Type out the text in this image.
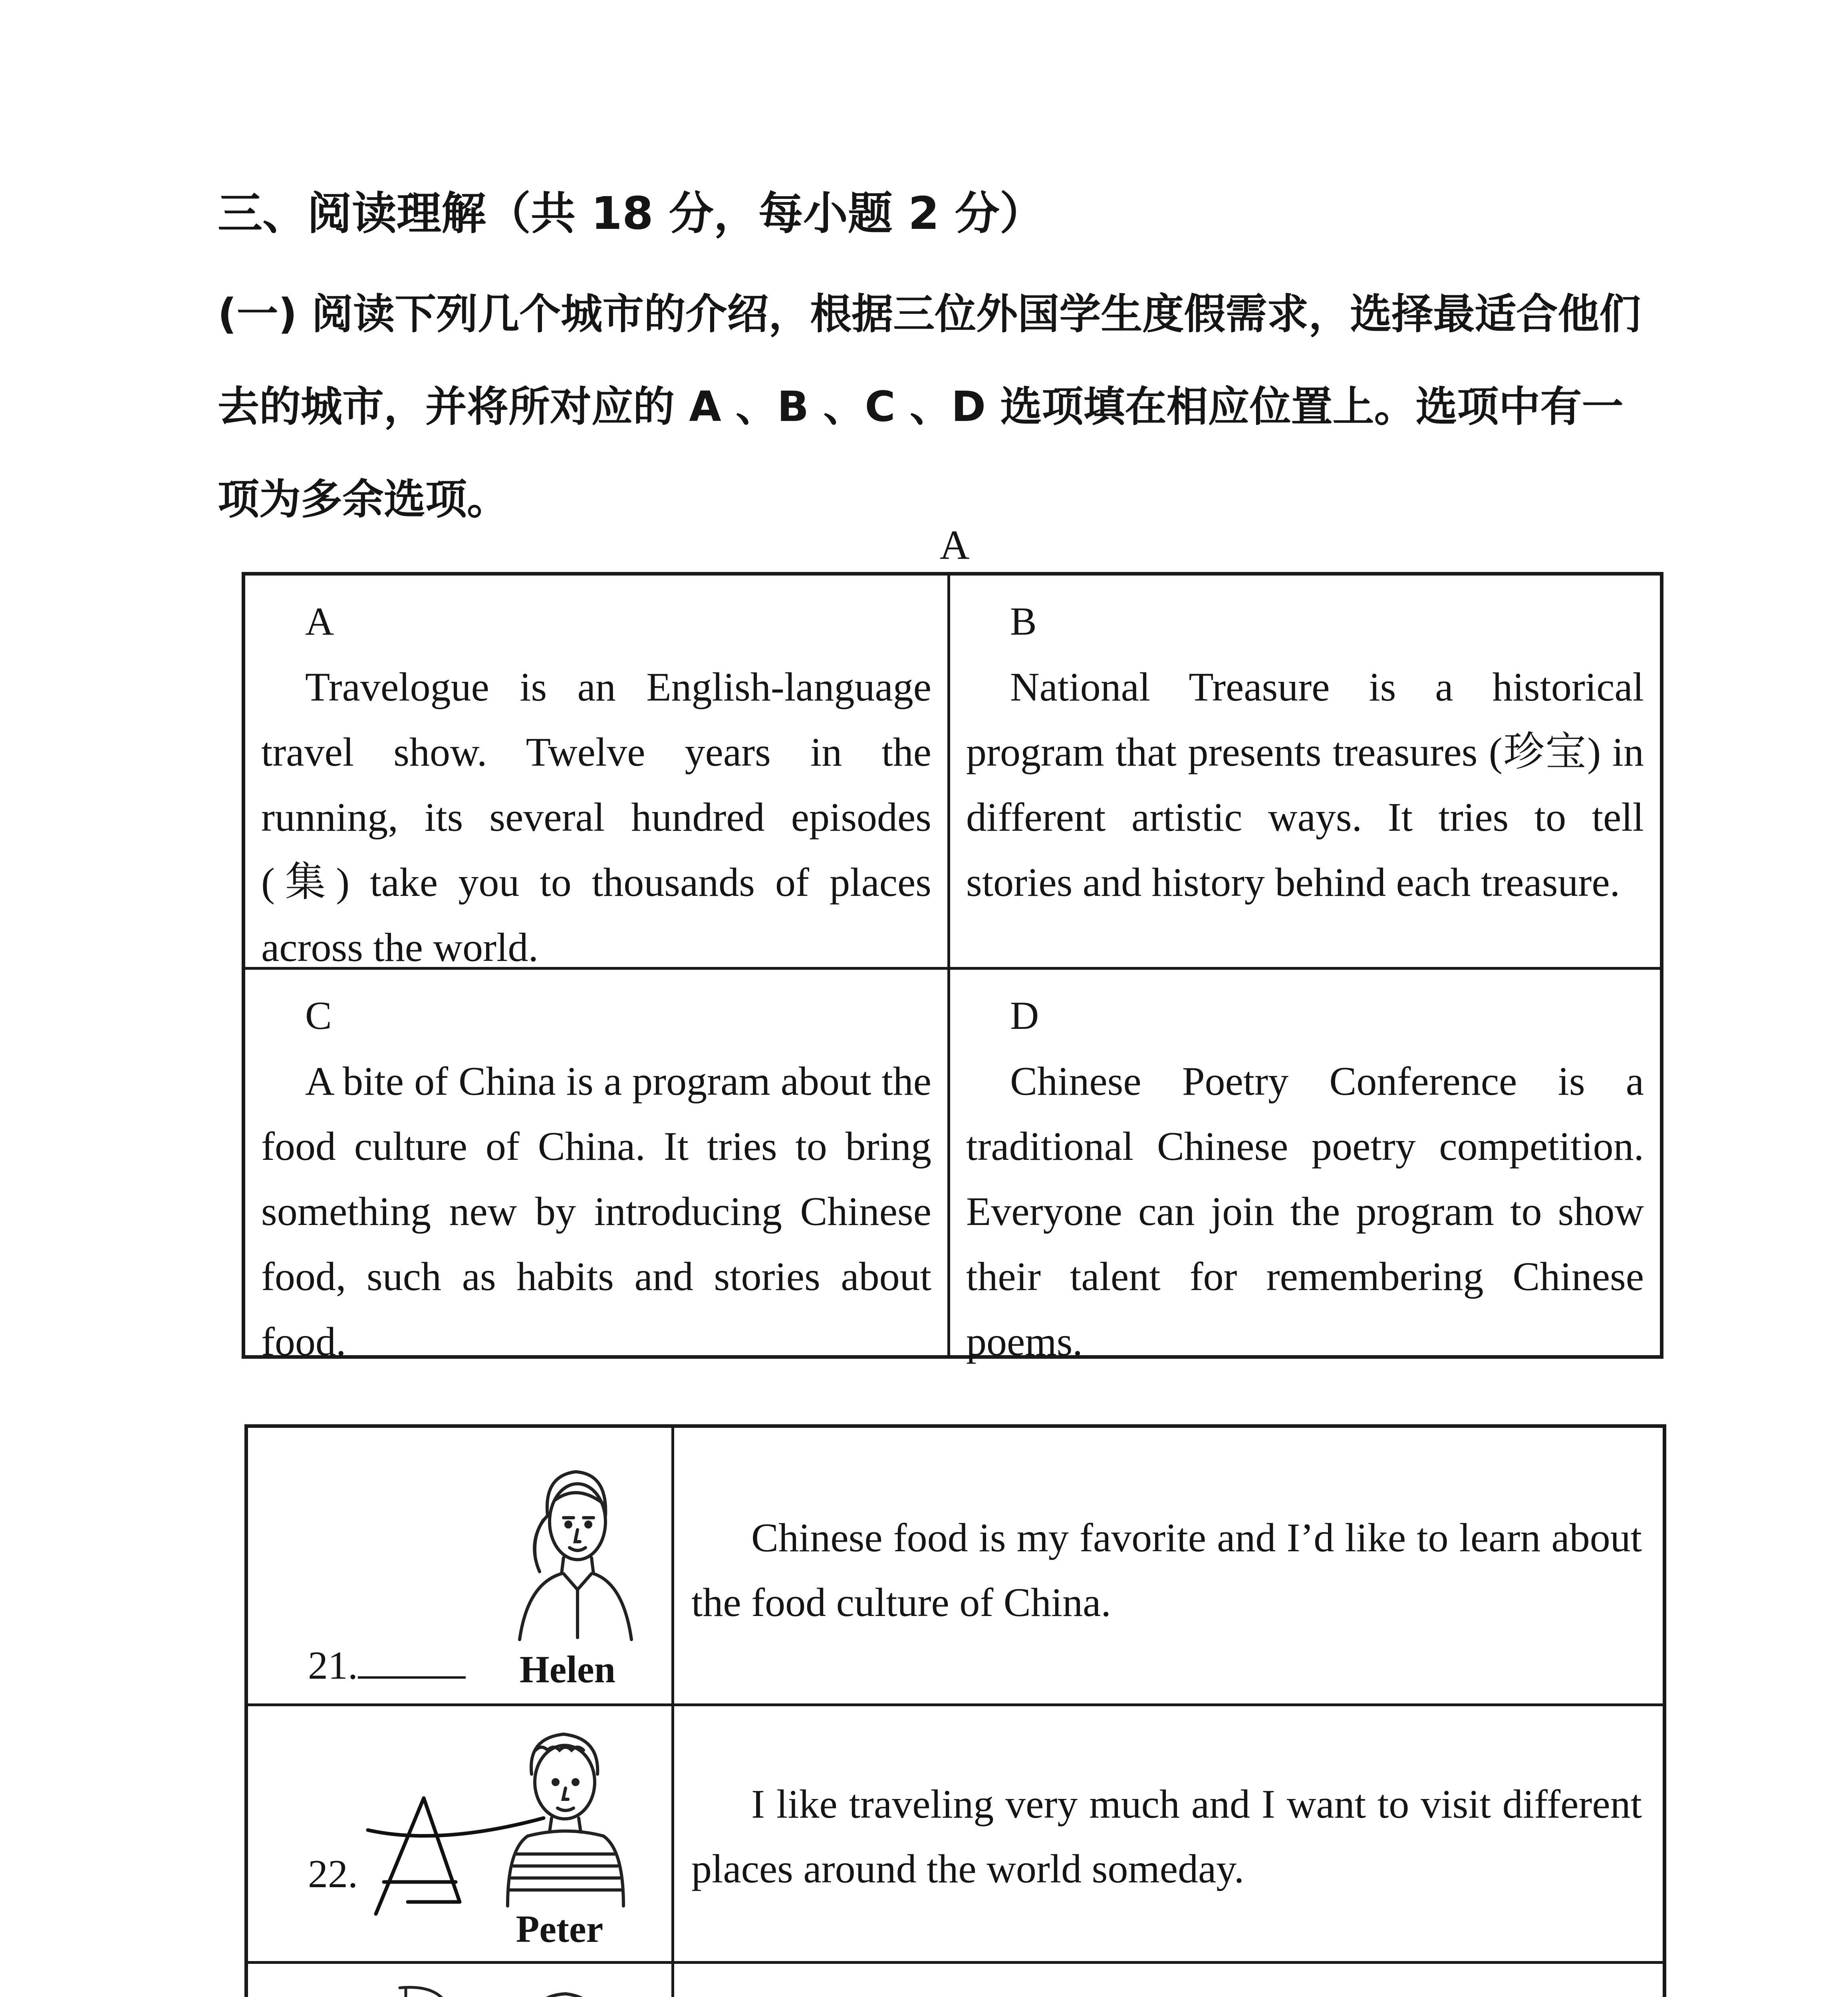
三、阅读理解（共 18 分，每小题 2 分）

(一) 阅读下列几个城市的介绍，根据三位外国学生度假需求，选择最适合他们去的城市，并将所对应的 A 、B 、C 、D 选项填在相应位置上。选项中有一项为多余选项。

A
A

Travelogue is an English-language travel show. Twelve years in the running, its several hundred episodes (集) take you to thousands of places across the world.

B

National Treasure is a historical program that presents treasures (珍宝) in different artistic ways. It tries to tell stories and history behind each treasure.

C

A bite of China is a program about the food culture of China. It tries to bring something new by introducing Chinese food, such as habits and stories about food.

D

Chinese Poetry Conference is a traditional Chinese poetry competition. Everyone can join the program to show their talent for remembering Chinese poems.

21.	Helen

Chinese food is my favorite and I’d like to learn about the food culture of China.

22.
Peter

I like traveling very much and I want to visit different places around the world someday.
